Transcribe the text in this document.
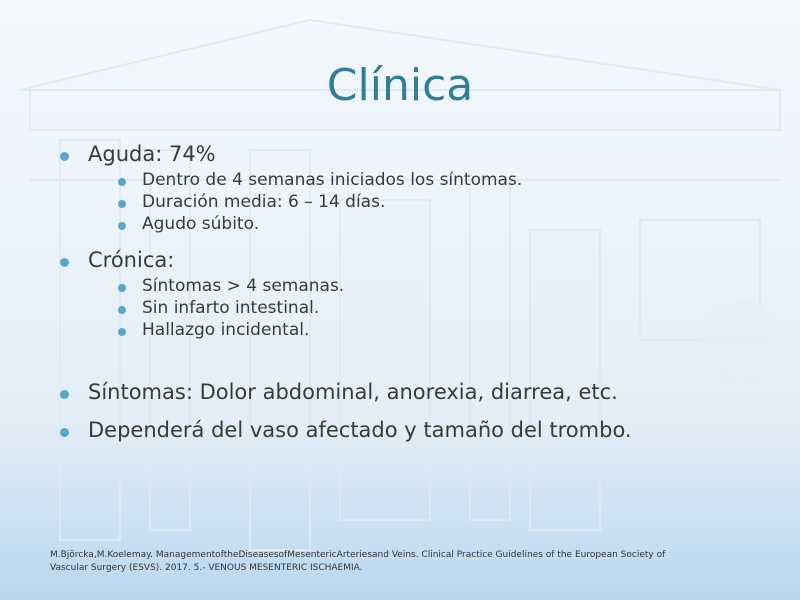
Clínica
Aguda: 74%
Dentro de 4 semanas iniciados los síntomas.
Duración media: 6 – 14 días.
Agudo súbito.
Crónica:
Síntomas > 4 semanas.
Sin infarto intestinal.
Hallazgo incidental.
Síntomas: Dolor abdominal, anorexia, diarrea, etc.
Dependerá del vaso afectado y tamaño del trombo.
M.Björcka,M.Koelemay. ManagementoftheDiseasesofMesentericArteriesand Veins. Clinical Practice Guidelines of the European Society of
Vascular Surgery (ESVS). 2017. 5.- VENOUS MESENTERIC ISCHAEMIA.
